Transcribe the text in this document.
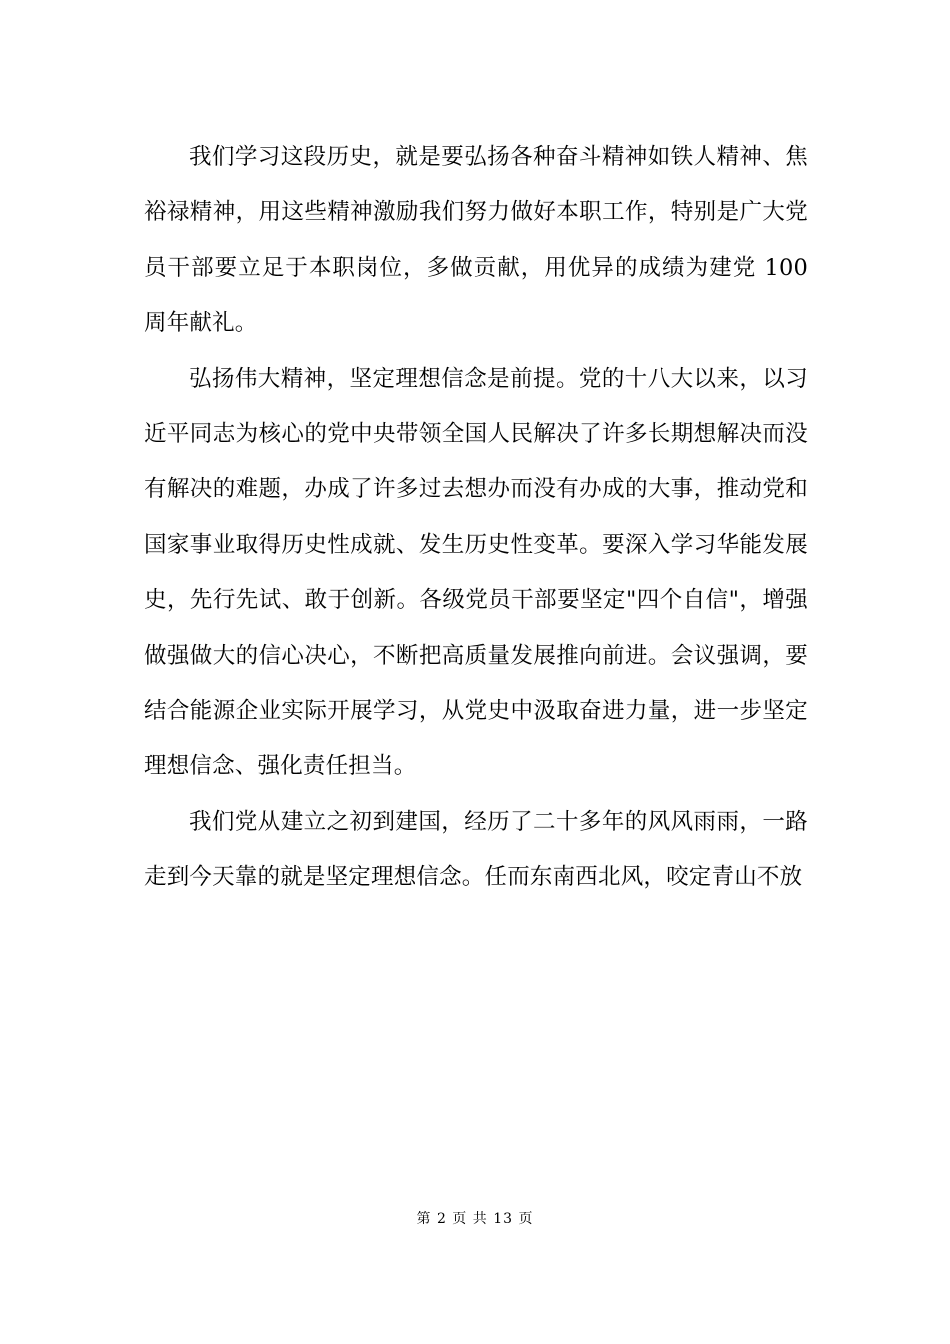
我们学习这段历史，就是要弘扬各种奋斗精神如铁人精神、焦裕禄精神，用这些精神激励我们努力做好本职工作，特别是广大党员干部要立足于本职岗位，多做贡献，用优异的成绩为建党 100 周年献礼。

弘扬伟大精神，坚定理想信念是前提。党的十八大以来，以习近平同志为核心的党中央带领全国人民解决了许多长期想解决而没有解决的难题，办成了许多过去想办而没有办成的大事，推动党和国家事业取得历史性成就、发生历史性变革。要深入学习华能发展史，先行先试、敢于创新。各级党员干部要坚定"四个自信"，增强做强做大的信心决心，不断把高质量发展推向前进。会议强调，要结合能源企业实际开展学习，从党史中汲取奋进力量，进一步坚定理想信念、强化责任担当。

我们党从建立之初到建国，经历了二十多年的风风雨雨，一路走到今天靠的就是坚定理想信念。任而东南西北风，咬定青山不放

第 2 页 共 13 页
